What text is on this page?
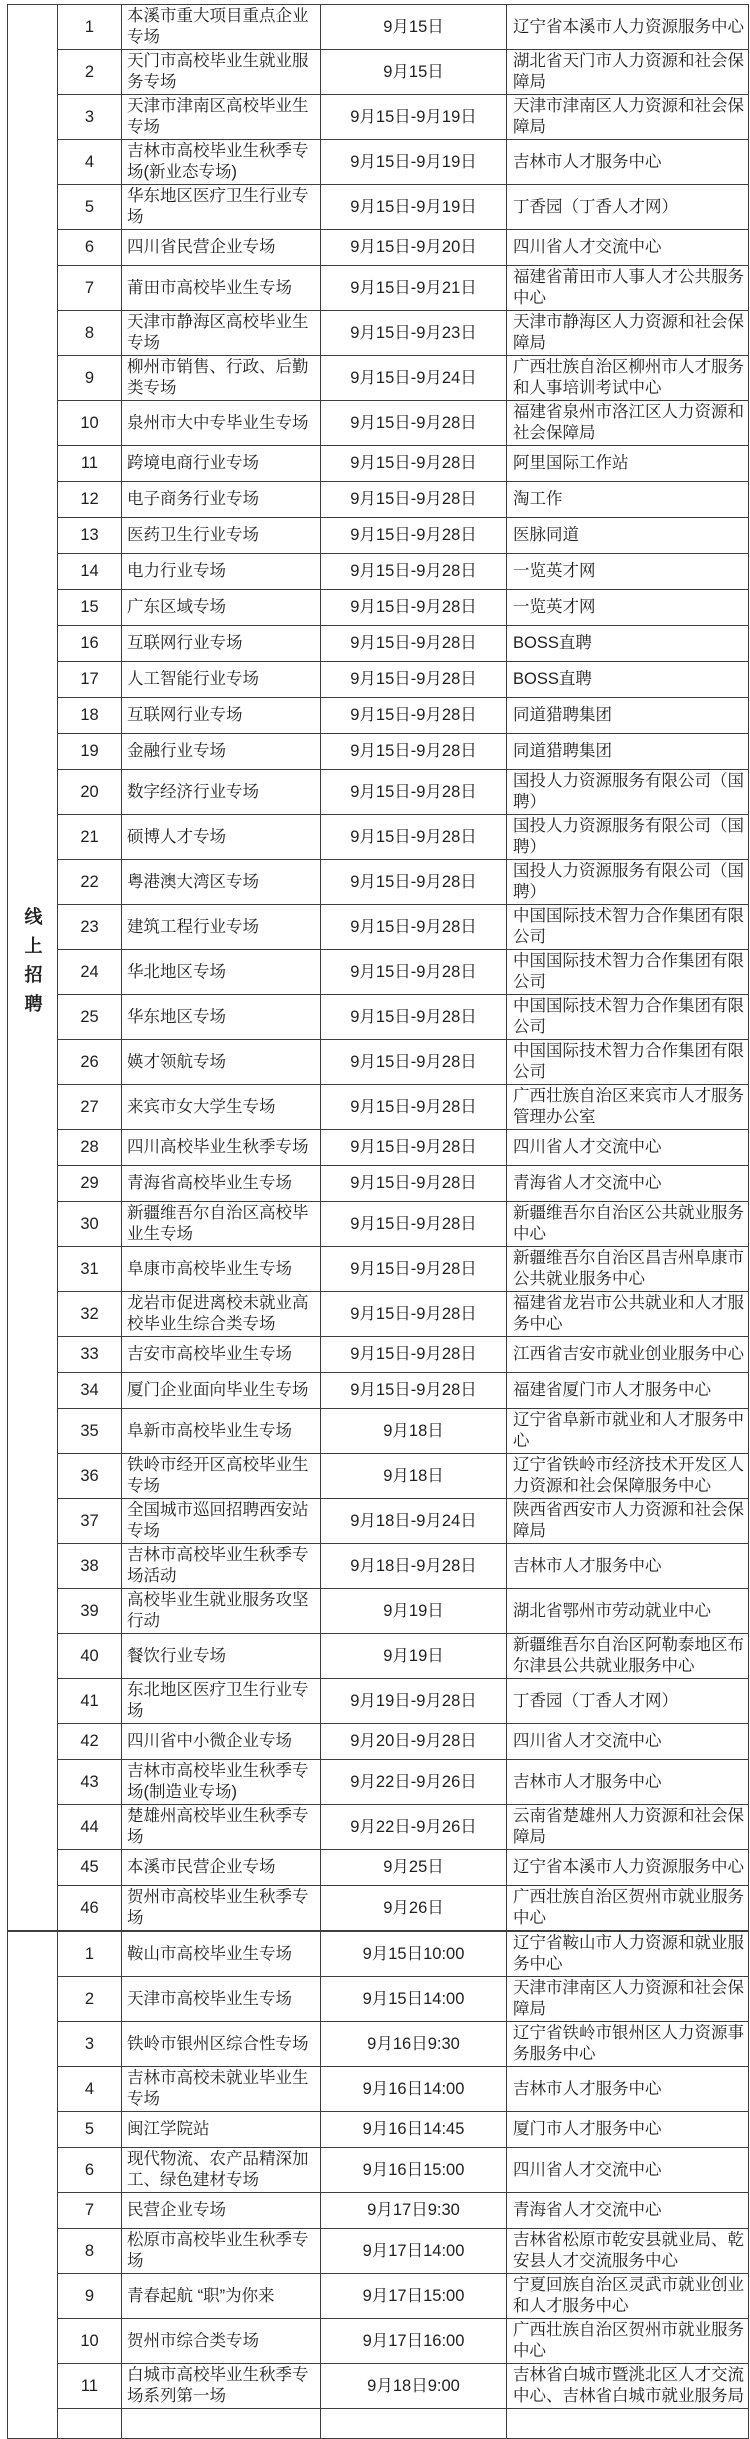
线上招聘	1	本溪市重大项目重点企业专场	9月15日	辽宁省本溪市人力资源服务中心
	2	天门市高校毕业生就业服务专场	9月15日	湖北省天门市人力资源和社会保障局
	3	天津市津南区高校毕业生专场	9月15日-9月19日	天津市津南区人力资源和社会保障局
	4	吉林市高校毕业生秋季专场(新业态专场)	9月15日-9月19日	吉林市人才服务中心
	5	华东地区医疗卫生行业专场	9月15日-9月19日	丁香园（丁香人才网）
	6	四川省民营企业专场	9月15日-9月20日	四川省人才交流中心
	7	莆田市高校毕业生专场	9月15日-9月21日	福建省莆田市人事人才公共服务中心
	8	天津市静海区高校毕业生专场	9月15日-9月23日	天津市静海区人力资源和社会保障局
	9	柳州市销售、行政、后勤类专场	9月15日-9月24日	广西壮族自治区柳州市人才服务和人事培训考试中心
	10	泉州市大中专毕业生专场	9月15日-9月28日	福建省泉州市洛江区人力资源和社会保障局
	11	跨境电商行业专场	9月15日-9月28日	阿里国际工作站
	12	电子商务行业专场	9月15日-9月28日	淘工作
	13	医药卫生行业专场	9月15日-9月28日	医脉同道
	14	电力行业专场	9月15日-9月28日	一览英才网
	15	广东区域专场	9月15日-9月28日	一览英才网
	16	互联网行业专场	9月15日-9月28日	BOSS直聘
	17	人工智能行业专场	9月15日-9月28日	BOSS直聘
	18	互联网行业专场	9月15日-9月28日	同道猎聘集团
	19	金融行业专场	9月15日-9月28日	同道猎聘集团
	20	数字经济行业专场	9月15日-9月28日	国投人力资源服务有限公司（国聘）
	21	硕博人才专场	9月15日-9月28日	国投人力资源服务有限公司（国聘）
	22	粤港澳大湾区专场	9月15日-9月28日	国投人力资源服务有限公司（国聘）
	23	建筑工程行业专场	9月15日-9月28日	中国国际技术智力合作集团有限公司
	24	华北地区专场	9月15日-9月28日	中国国际技术智力合作集团有限公司
	25	华东地区专场	9月15日-9月28日	中国国际技术智力合作集团有限公司
	26	媖才领航专场	9月15日-9月28日	中国国际技术智力合作集团有限公司
	27	来宾市女大学生专场	9月15日-9月28日	广西壮族自治区来宾市人才服务管理办公室
	28	四川高校毕业生秋季专场	9月15日-9月28日	四川省人才交流中心
	29	青海省高校毕业生专场	9月15日-9月28日	青海省人才交流中心
	30	新疆维吾尔自治区高校毕业生专场	9月15日-9月28日	新疆维吾尔自治区公共就业服务中心
	31	阜康市高校毕业生专场	9月15日-9月28日	新疆维吾尔自治区昌吉州阜康市公共就业服务中心
	32	龙岩市促进离校未就业高校毕业生综合类专场	9月15日-9月28日	福建省龙岩市公共就业和人才服务中心
	33	吉安市高校毕业生专场	9月15日-9月28日	江西省吉安市就业创业服务中心
	34	厦门企业面向毕业生专场	9月15日-9月28日	福建省厦门市人才服务中心
	35	阜新市高校毕业生专场	9月18日	辽宁省阜新市就业和人才服务中心
	36	铁岭市经开区高校毕业生专场	9月18日	辽宁省铁岭市经济技术开发区人力资源和社会保障服务中心
	37	全国城市巡回招聘西安站专场	9月18日-9月24日	陕西省西安市人力资源和社会保障局
	38	吉林市高校毕业生秋季专场活动	9月18日-9月28日	吉林市人才服务中心
	39	高校毕业生就业服务攻坚行动	9月19日	湖北省鄂州市劳动就业中心
	40	餐饮行业专场	9月19日	新疆维吾尔自治区阿勒泰地区布尔津县公共就业服务中心
	41	东北地区医疗卫生行业专场	9月19日-9月28日	丁香园（丁香人才网）
	42	四川省中小微企业专场	9月20日-9月28日	四川省人才交流中心
	43	吉林市高校毕业生秋季专场(制造业专场)	9月22日-9月26日	吉林市人才服务中心
	44	楚雄州高校毕业生秋季专场	9月22日-9月26日	云南省楚雄州人力资源和社会保障局
	45	本溪市民营企业专场	9月25日	辽宁省本溪市人力资源服务中心
	46	贺州市高校毕业生秋季专场	9月26日	广西壮族自治区贺州市就业服务中心
	1	鞍山市高校毕业生专场	9月15日10:00	辽宁省鞍山市人力资源和就业服务中心
	2	天津市高校毕业生专场	9月15日14:00	天津市津南区人力资源和社会保障局
	3	铁岭市银州区综合性专场	9月16日9:30	辽宁省铁岭市银州区人力资源事务服务中心
	4	吉林市高校未就业毕业生专场	9月16日14:00	吉林市人才服务中心
	5	闽江学院站	9月16日14:45	厦门市人才服务中心
	6	现代物流、农产品精深加工、绿色建材专场	9月16日15:00	四川省人才交流中心
	7	民营企业专场	9月17日9:30	青海省人才交流中心
	8	松原市高校毕业生秋季专场	9月17日14:00	吉林省松原市乾安县就业局、乾安县人才交流服务中心
	9	青春起航 “职”为你来	9月17日15:00	宁夏回族自治区灵武市就业创业和人才服务中心
	10	贺州市综合类专场	9月17日16:00	广西壮族自治区贺州市就业服务中心
	11	白城市高校毕业生秋季专场系列第一场	9月18日9:00	吉林省白城市暨洮北区人才交流中心、吉林省白城市就业服务局
